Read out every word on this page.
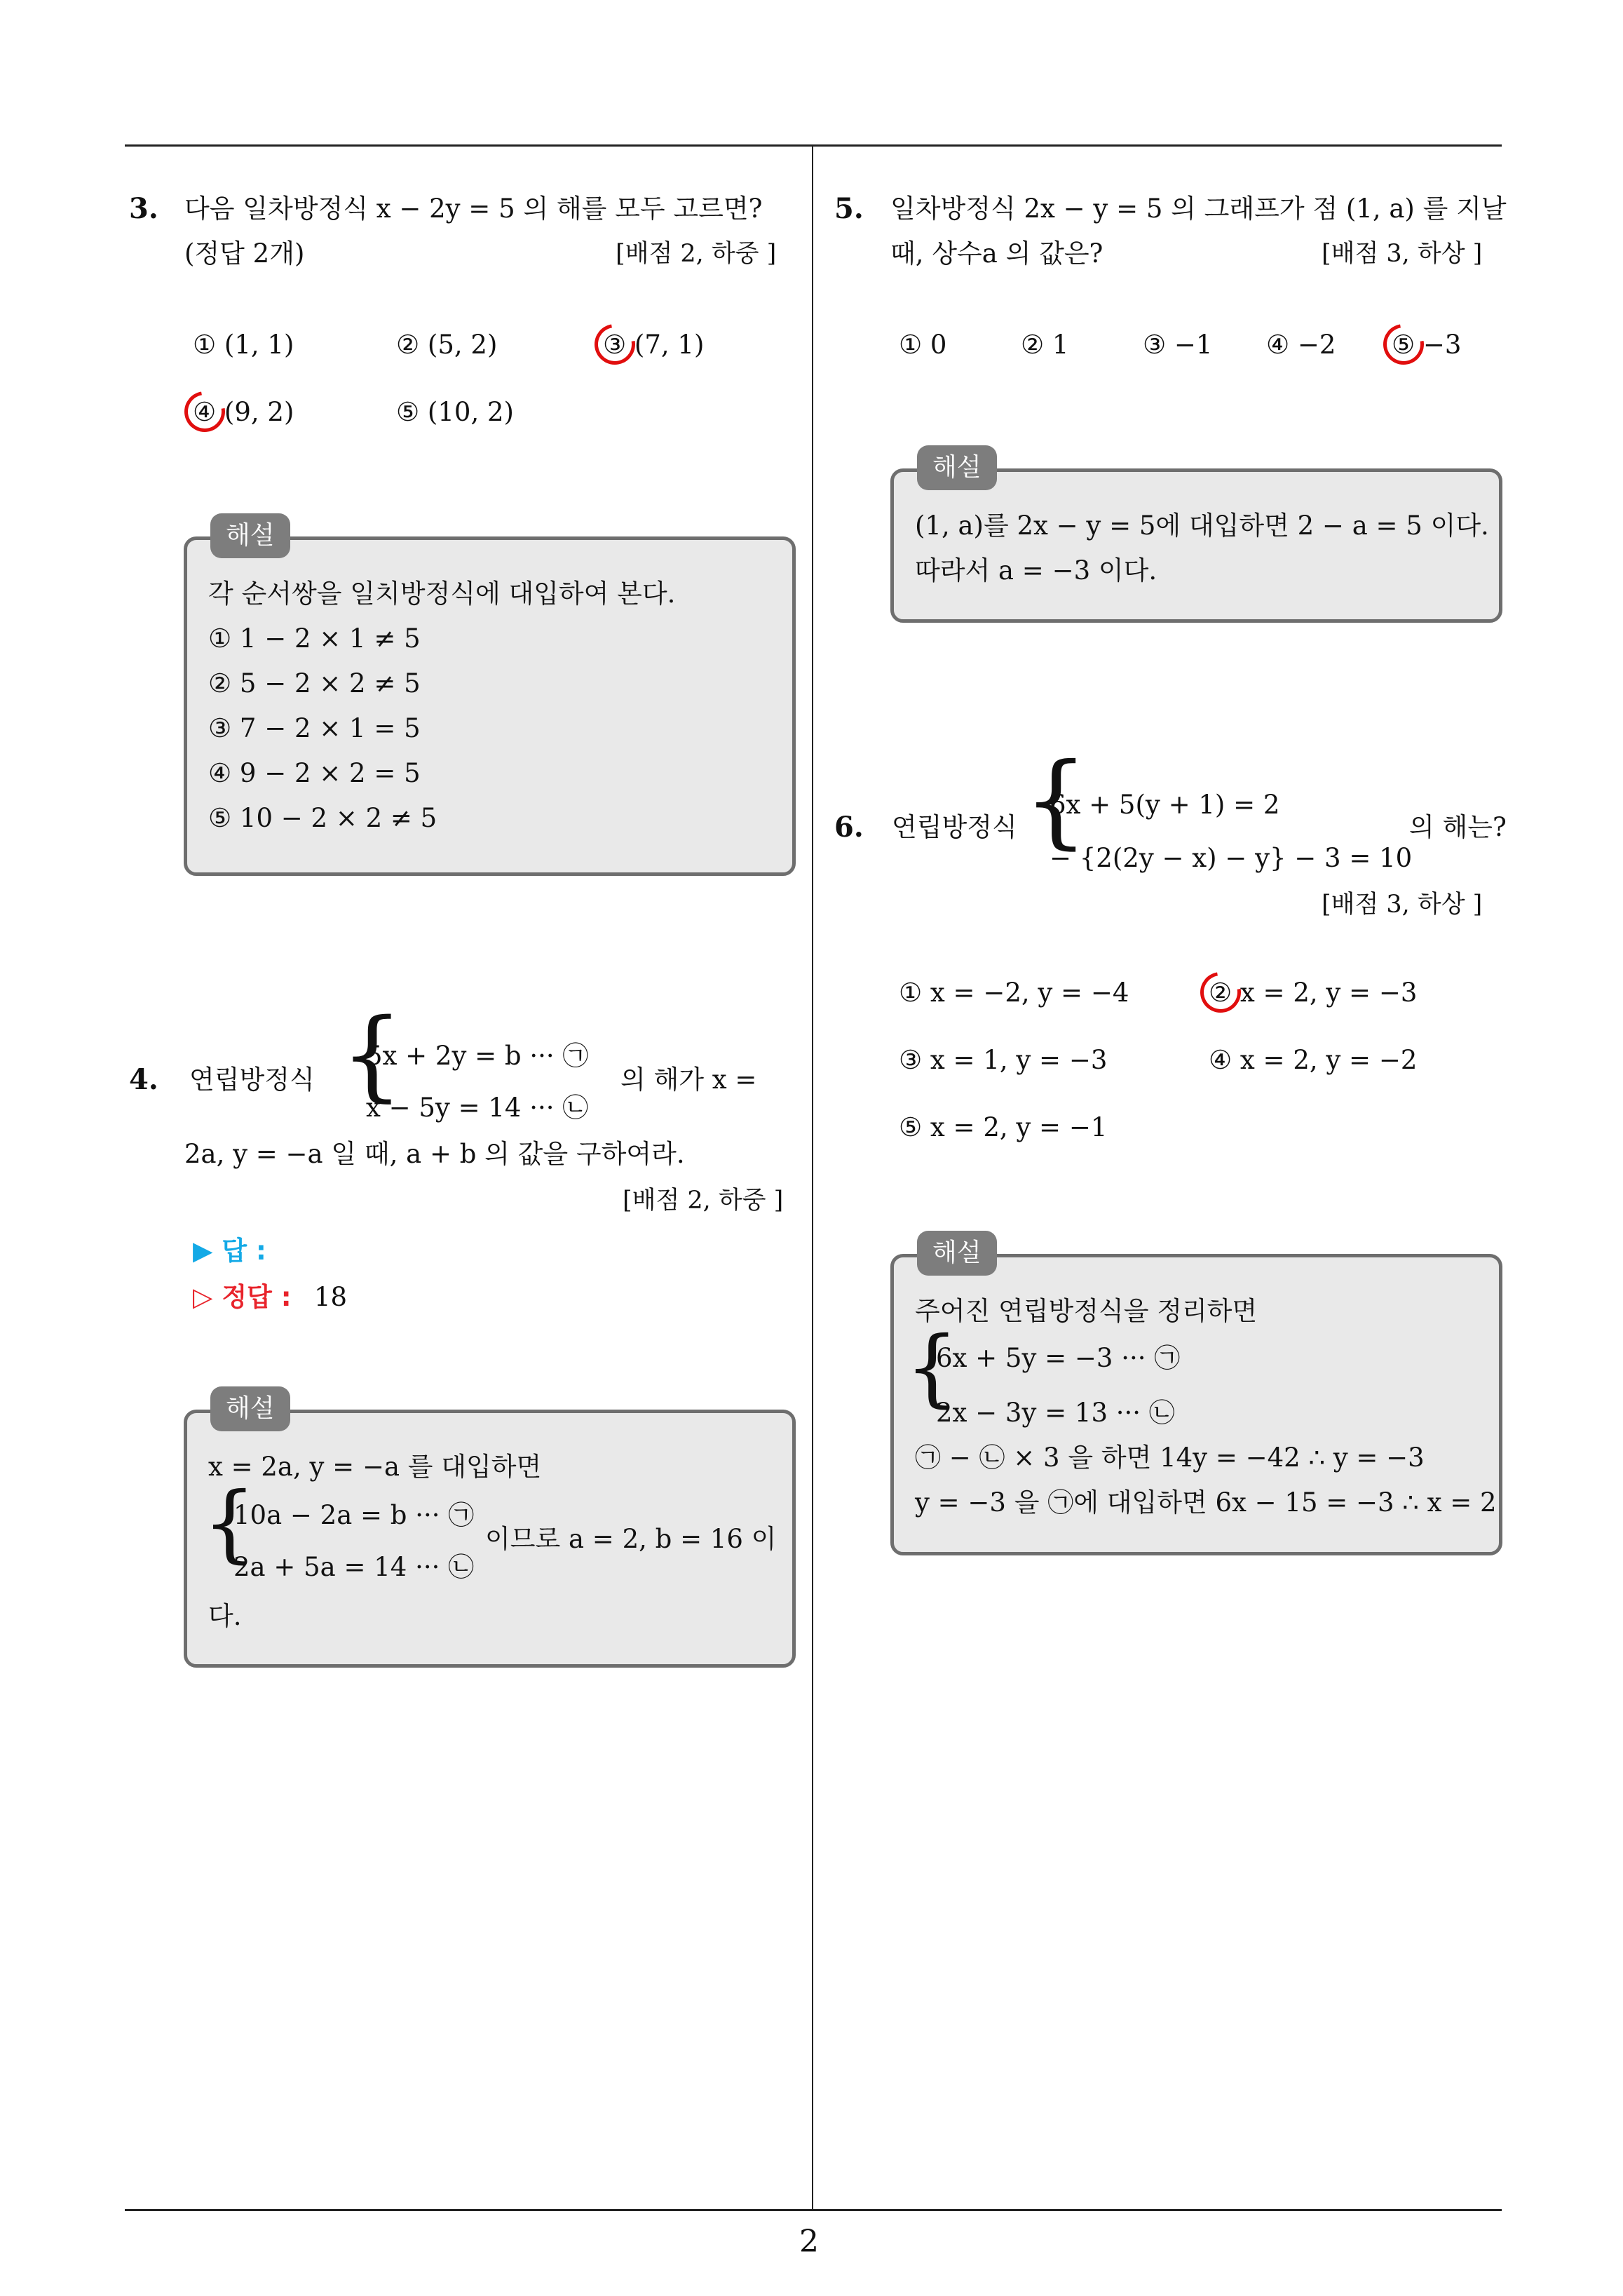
2
3. 다음 일차방정식 x − 2y = 5 의 해를 모두 고르면?
(정답 2개)	[배점 2, 하중 ]
① (1, 1)	② (5, 2)	③ (7, 1)
④ (9, 2)	⑤ (10, 2)
각 순서쌍을 일치방정식에 대입하여 본다.
① 1 − 2 × 1 ≠ 5
② 5 − 2 × 2 ≠ 5
③ 7 − 2 × 1 = 5
④ 9 − 2 × 2 = 5
⑤ 10 − 2 × 2 ≠ 5
해설
4. 연립방정식 {
5x + 2y = b ··· ㉠
x − 5y = 14 ··· ㉡
의 해가 x =
2a, y = −a 일 때, a + b 의 값을 구하여라.
[배점 2, 하중 ]
▶ 답 :
▷ 정답 : 18
x = 2a, y = −a 를 대입하면
{
10a − 2a = b ··· ㉠
2a + 5a = 14 ··· ㉡
이므로 a = 2, b = 16 이
다.
해설
5. 일차방정식 2x − y = 5 의 그래프가 점 (1, a) 를 지날
때, 상수a 의 값은?	[배점 3, 하상 ]
① 0	② 1	③ −1 ④ −2 ⑤ −3
(1, a)를 2x − y = 5에 대입하면 2 − a = 5 이다.
따라서 a = −3 이다.
해설
6. 연립방정식 {
6x + 5(y + 1) = 2
− {2(2y − x) − y} − 3 = 10
의 해는?
[배점 3, 하상 ]
① x = −2, y = −4	② x = 2, y = −3
③ x = 1, y = −3	④ x = 2, y = −2
⑤ x = 2, y = −1
주어진 연립방정식을 정리하면
{
6x + 5y = −3 ··· ㉠
2x − 3y = 13 ··· ㉡
㉠ − ㉡ × 3 을 하면 14y = −42 ∴ y = −3
y = −3 을 ㉠에 대입하면 6x − 15 = −3 ∴ x = 2
해설
